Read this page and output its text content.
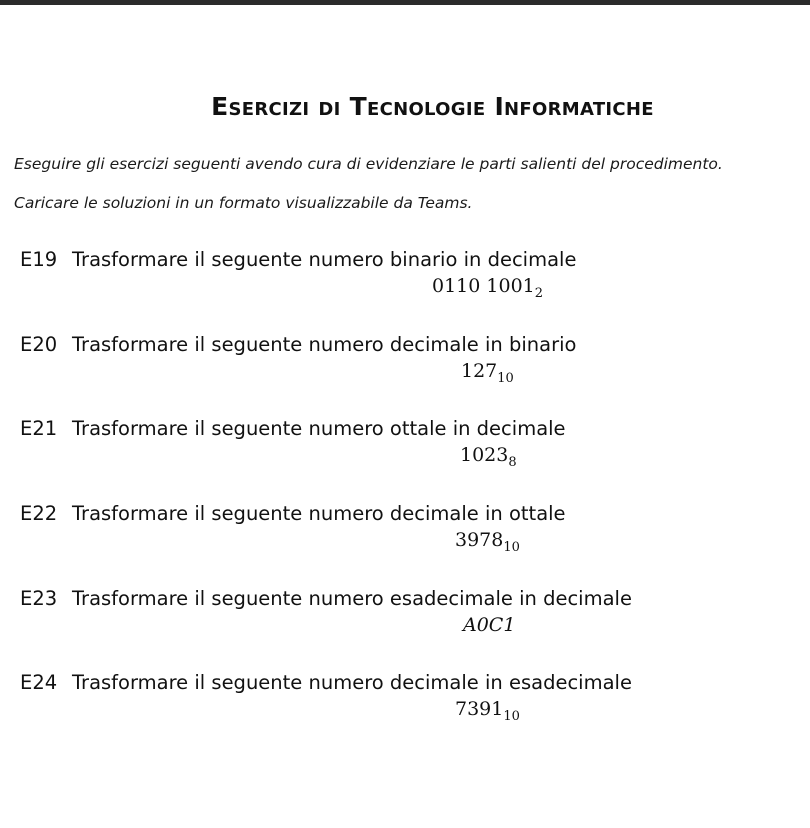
Esercizi di Tecnologie Informatiche
Eseguire gli esercizi seguenti avendo cura di evidenziare le parti salienti del procedimento.
Caricare le soluzioni in un formato visualizzabile da Teams.
E19 Trasformare il seguente numero binario in decimale
0110 $1001_2$
E20 Trasformare il seguente numero decimale in binario
$127_{10}$
E21 Trasformare il seguente numero ottale in decimale
$1023_8$
E22 Trasformare il seguente numero decimale in ottale
$3978_{10}$
E23 Trasformare il seguente numero esadecimale in decimale
A0C1
E24 Trasformare il seguente numero decimale in esadecimale
$7391_{10}$
